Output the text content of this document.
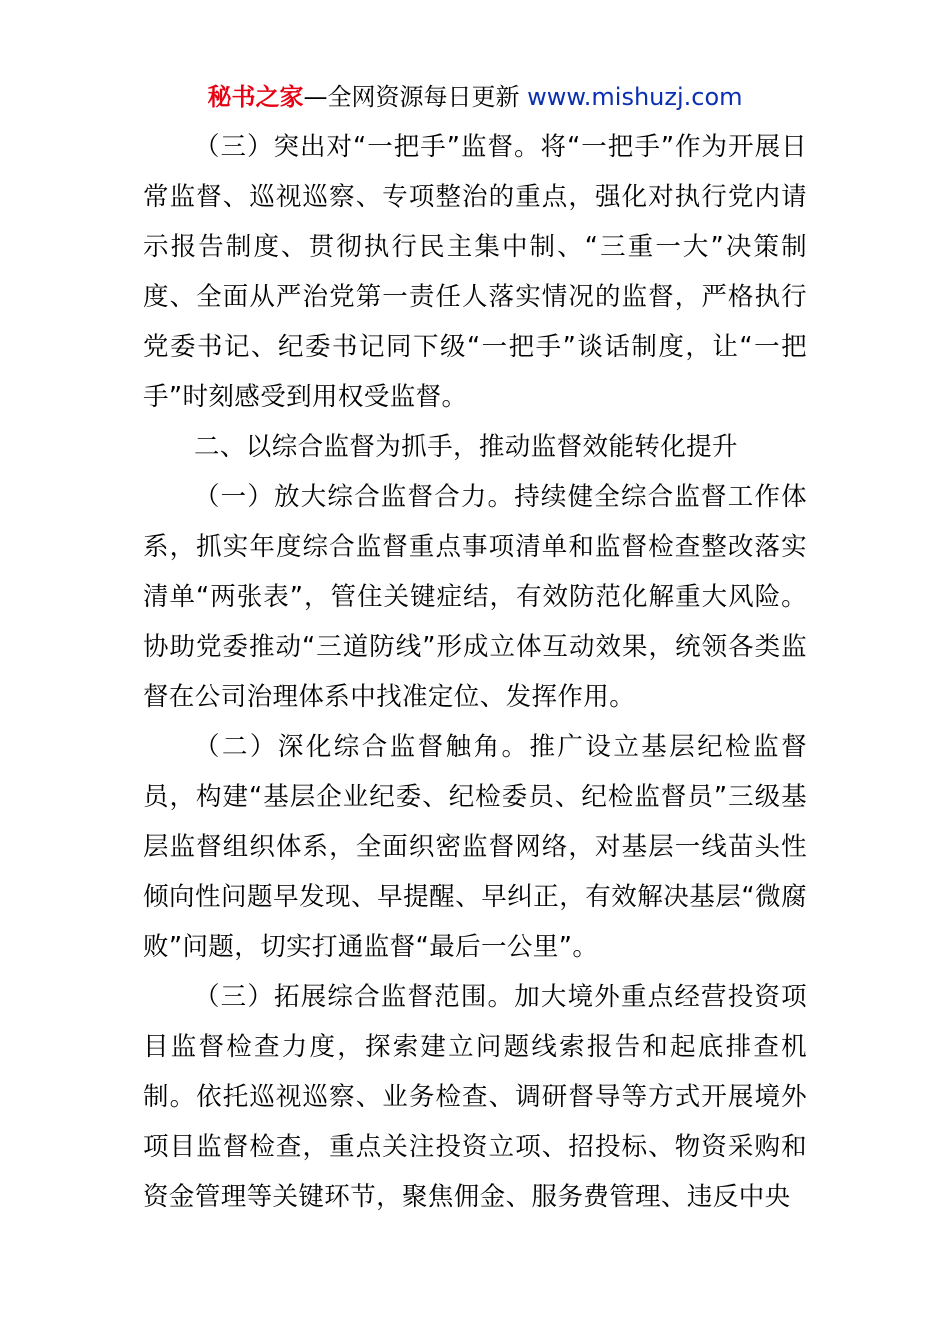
秘书之家—全网资源每日更新 www.mishuzj.com

（三）突出对“一把手”监督。将“一把手”作为开展日常监督、巡视巡察、专项整治的重点，强化对执行党内请示报告制度、贯彻执行民主集中制、“三重一大”决策制度、全面从严治党第一责任人落实情况的监督，严格执行党委书记、纪委书记同下级“一把手”谈话制度，让“一把手”时刻感受到用权受监督。

二、以综合监督为抓手，推动监督效能转化提升

（一）放大综合监督合力。持续健全综合监督工作体系，抓实年度综合监督重点事项清单和监督检查整改落实清单“两张表”，管住关键症结，有效防范化解重大风险。协助党委推动“三道防线”形成立体互动效果，统领各类监督在公司治理体系中找准定位、发挥作用。

（二）深化综合监督触角。推广设立基层纪检监督员，构建“基层企业纪委、纪检委员、纪检监督员”三级基层监督组织体系，全面织密监督网络，对基层一线苗头性倾向性问题早发现、早提醒、早纠正，有效解决基层“微腐败”问题，切实打通监督“最后一公里”。

（三）拓展综合监督范围。加大境外重点经营投资项目监督检查力度，探索建立问题线索报告和起底排查机制。依托巡视巡察、业务检查、调研督导等方式开展境外项目监督检查，重点关注投资立项、招投标、物资采购和资金管理等关键环节，聚焦佣金、服务费管理、违反中央
